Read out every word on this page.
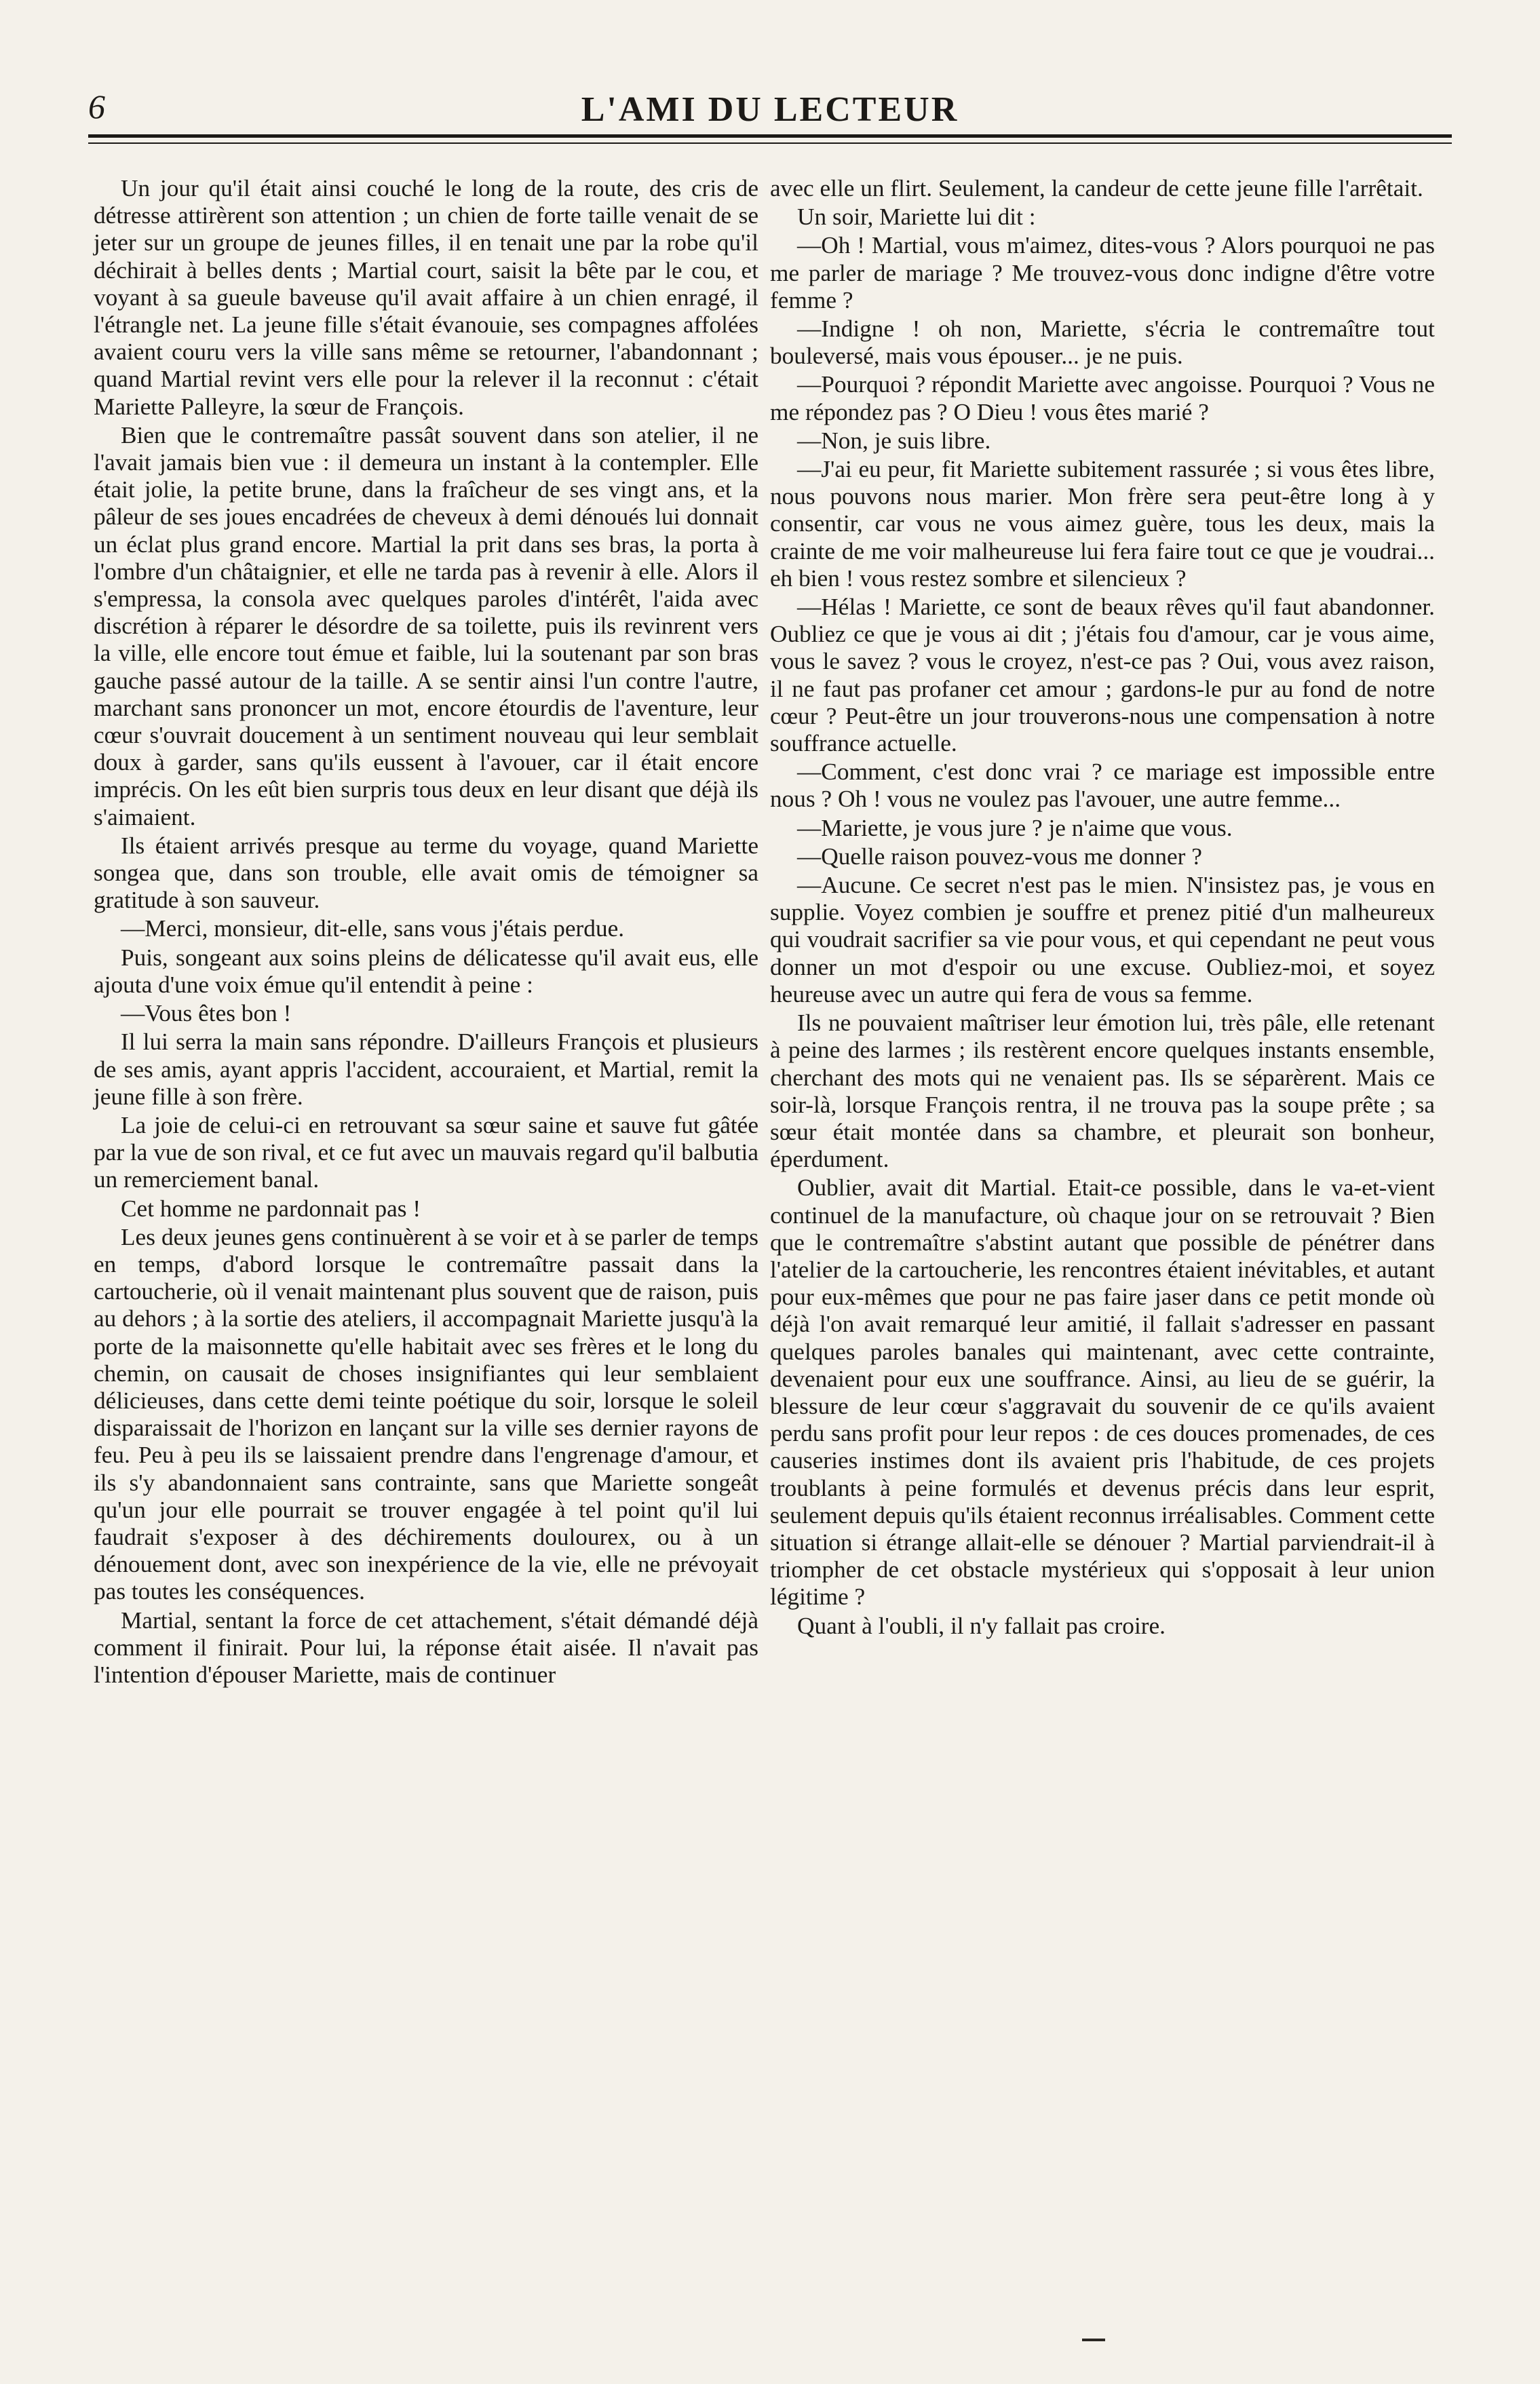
6	L'AMI DU LECTEUR

Un jour qu'il était ainsi couché le long de la route, des cris de détresse attirèrent son attention ; un chien de forte taille venait de se jeter sur un groupe de jeunes filles, il en tenait une par la robe qu'il déchirait à belles dents ; Martial court, saisit la bête par le cou, et voyant à sa gueule baveuse qu'il avait affaire à un chien enragé, il l'étrangle net. La jeune fille s'était évanouie, ses compagnes affolées avaient couru vers la ville sans même se retourner, l'abandonnant ; quand Martial revint vers elle pour la relever il la reconnut : c'était Mariette Palleyre, la sœur de François.

Bien que le contremaître passât souvent dans son atelier, il ne l'avait jamais bien vue : il demeura un instant à la contempler. Elle était jolie, la petite brune, dans la fraîcheur de ses vingt ans, et la pâleur de ses joues encadrées de cheveux à demi dénoués lui donnait un éclat plus grand encore. Martial la prit dans ses bras, la porta à l'ombre d'un châtaignier, et elle ne tarda pas à revenir à elle. Alors il s'empressa, la consola avec quelques paroles d'intérêt, l'aida avec discrétion à réparer le désordre de sa toilette, puis ils revinrent vers la ville, elle encore tout émue et faible, lui la soutenant par son bras gauche passé autour de la taille. A se sentir ainsi l'un contre l'autre, marchant sans prononcer un mot, encore étourdis de l'aventure, leur cœur s'ouvrait doucement à un sentiment nouveau qui leur semblait doux à garder, sans qu'ils eussent à l'avouer, car il était encore imprécis. On les eût bien surpris tous deux en leur disant que déjà ils s'aimaient.

Ils étaient arrivés presque au terme du voyage, quand Mariette songea que, dans son trouble, elle avait omis de témoigner sa gratitude à son sauveur.

—Merci, monsieur, dit-elle, sans vous j'étais perdue.

Puis, songeant aux soins pleins de délicatesse qu'il avait eus, elle ajouta d'une voix émue qu'il entendit à peine :

—Vous êtes bon !

Il lui serra la main sans répondre. D'ailleurs François et plusieurs de ses amis, ayant appris l'accident, accouraient, et Martial, remit la jeune fille à son frère.

La joie de celui-ci en retrouvant sa sœur saine et sauve fut gâtée par la vue de son rival, et ce fut avec un mauvais regard qu'il balbutia un remerciement banal.

Cet homme ne pardonnait pas !

Les deux jeunes gens continuèrent à se voir et à se parler de temps en temps, d'abord lorsque le contremaître passait dans la cartoucherie, où il venait maintenant plus souvent que de raison, puis au dehors ; à la sortie des ateliers, il accompagnait Mariette jusqu'à la porte de la maisonnette qu'elle habitait avec ses frères et le long du chemin, on causait de choses insignifiantes qui leur semblaient délicieuses, dans cette demi teinte poétique du soir, lorsque le soleil disparaissait de l'horizon en lançant sur la ville ses dernier rayons de feu. Peu à peu ils se laissaient prendre dans l'engrenage d'amour, et ils s'y abandonnaient sans contrainte, sans que Mariette songeât qu'un jour elle pourrait se trouver engagée à tel point qu'il lui faudrait s'exposer à des déchirements doulourex, ou à un dénouement dont, avec son inexpérience de la vie, elle ne prévoyait pas toutes les conséquences.

Martial, sentant la force de cet attachement, s'était démandé déjà comment il finirait. Pour lui, la réponse était aisée. Il n'avait pas l'intention d'épouser Mariette, mais de continuer

avec elle un flirt. Seulement, la candeur de cette jeune fille l'arrêtait.

Un soir, Mariette lui dit :

—Oh ! Martial, vous m'aimez, dites-vous ? Alors pourquoi ne pas me parler de mariage ? Me trouvez-vous donc indigne d'être votre femme ?

—Indigne ! oh non, Mariette, s'écria le contremaître tout bouleversé, mais vous épouser... je ne puis.

—Pourquoi ? répondit Mariette avec angoisse. Pourquoi ? Vous ne me répondez pas ? O Dieu ! vous êtes marié ?

—Non, je suis libre.

—J'ai eu peur, fit Mariette subitement rassurée ; si vous êtes libre, nous pouvons nous marier. Mon frère sera peut-être long à y consentir, car vous ne vous aimez guère, tous les deux, mais la crainte de me voir malheureuse lui fera faire tout ce que je voudrai... eh bien ! vous restez sombre et silencieux ?

—Hélas ! Mariette, ce sont de beaux rêves qu'il faut abandonner. Oubliez ce que je vous ai dit ; j'étais fou d'amour, car je vous aime, vous le savez ? vous le croyez, n'est-ce pas ? Oui, vous avez raison, il ne faut pas profaner cet amour ; gardons-le pur au fond de notre cœur ? Peut-être un jour trouverons-nous une compensation à notre souffrance actuelle.

—Comment, c'est donc vrai ? ce mariage est impossible entre nous ? Oh ! vous ne voulez pas l'avouer, une autre femme...

—Mariette, je vous jure ? je n'aime que vous.

—Quelle raison pouvez-vous me donner ?

—Aucune. Ce secret n'est pas le mien. N'insistez pas, je vous en supplie. Voyez combien je souffre et prenez pitié d'un malheureux qui voudrait sacrifier sa vie pour vous, et qui cependant ne peut vous donner un mot d'espoir ou une excuse. Oubliez-moi, et soyez heureuse avec un autre qui fera de vous sa femme.

Ils ne pouvaient maîtriser leur émotion lui, très pâle, elle retenant à peine des larmes ; ils restèrent encore quelques instants ensemble, cherchant des mots qui ne venaient pas. Ils se séparèrent. Mais ce soir-là, lorsque François rentra, il ne trouva pas la soupe prête ; sa sœur était montée dans sa chambre, et pleurait son bonheur, éperdument.

Oublier, avait dit Martial. Etait-ce possible, dans le va-et-vient continuel de la manufacture, où chaque jour on se retrouvait ? Bien que le contremaître s'abstint autant que possible de pénétrer dans l'atelier de la cartoucherie, les rencontres étaient inévitables, et autant pour eux-mêmes que pour ne pas faire jaser dans ce petit monde où déjà l'on avait remarqué leur amitié, il fallait s'adresser en passant quelques paroles banales qui maintenant, avec cette contrainte, devenaient pour eux une souffrance. Ainsi, au lieu de se guérir, la blessure de leur cœur s'aggravait du souvenir de ce qu'ils avaient perdu sans profit pour leur repos : de ces douces promenades, de ces causeries instimes dont ils avaient pris l'habitude, de ces projets troublants à peine formulés et devenus précis dans leur esprit, seulement depuis qu'ils étaient reconnus irréalisables. Comment cette situation si étrange allait-elle se dénouer ? Martial parviendrait-il à triompher de cet obstacle mystérieux qui s'opposait à leur union légitime ?

Quant à l'oubli, il n'y fallait pas croire.
